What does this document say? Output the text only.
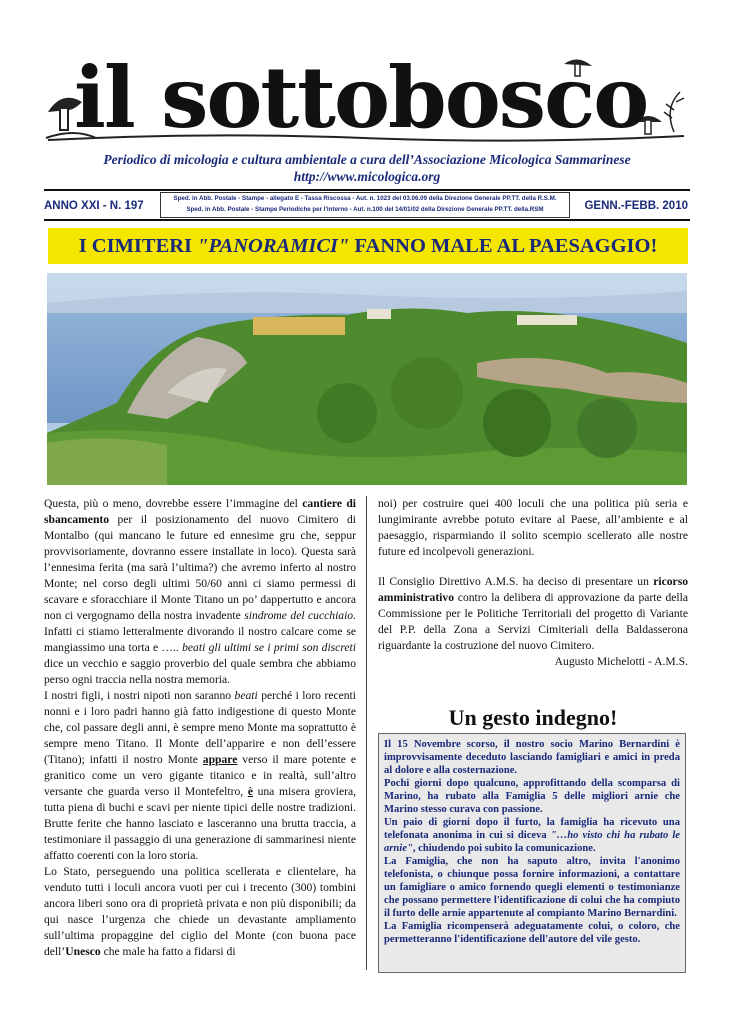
il sottobosco
Periodico di micologia e cultura ambientale a cura dell’Associazione Micologica Sammarinese
http://www.micologica.org
ANNO XXI - N. 197
Sped. in Abb. Postale - Stampe - allegato E - Tassa Riscossa - Aut. n. 1023 del 03.06.09 della Direzione Generale PP.TT. della R.S.M.
Sped. in Abb. Postale - Stampe Periodiche per l'interno - Aut. n.100 del 14/01/02 della Direzione Generale PP.TT. della.RSM	GENN.-FEBB. 2010
I CIMITERI "PANORAMICI" FANNO MALE AL PAESAGGIO!

Questa, più o meno, dovrebbe essere l’immagine del cantiere di sbancamento per il posizionamento del nuovo Cimitero di Montalbo (qui mancano le future ed ennesime gru che, seppur provvisoriamente, dovranno essere installate in loco). Questa sarà l’ennesima ferita (ma sarà l’ultima?) che avremo inferto al nostro Monte; nel corso degli ultimi 50/60 anni ci siamo permessi di scavare e sforacchiare il Monte Titano un po’ dappertutto e ancora non ci vergognamo della nostra invadente sindrome del cucchiaio. Infatti ci stiamo letteralmente divorando il nostro calcare come se mangiassimo una torta e ….. beati gli ultimi se i primi son discreti dice un vecchio e saggio proverbio del quale sembra che abbiamo perso ogni traccia nella nostra memoria.

I nostri figli, i nostri nipoti non saranno beati perché i loro recenti nonni e i loro padri hanno già fatto indigestione di questo Monte che, col passare degli anni, è sempre meno Monte ma soprattutto è sempre meno Titano. Il Monte dell’apparire e non dell’essere (Titano); infatti il nostro Monte appare verso il mare potente e granitico come un vero gigante titanico e in realtà, sull’altro versante che guarda verso il Montefeltro, è una misera groviera, tutta piena di buchi e scavi per niente tipici delle nostre tradizioni. Brutte ferite che hanno lasciato e lasceranno una brutta traccia, a testimoniare il passaggio di una generazione di sammarinesi niente affatto coerenti con la loro storia.

Lo Stato, perseguendo una politica scellerata e clientelare, ha venduto tutti i loculi ancora vuoti per cui i trecento (300) tombini ancora liberi sono ora di proprietà privata e non più disponibili; da qui nasce l’urgenza che chiede un devastante ampliamento sull’ultima propaggine del ciglio del Monte (con buona pace dell’Unesco che male ha fatto a fidarsi di

noi) per costruire quei 400 loculi che una politica più seria e lungimirante avrebbe potuto evitare al Paese, all’ambiente e al paesaggio, risparmiando il solito scempio scellerato alle nostre future ed incolpevoli generazioni.

Il Consiglio Direttivo A.M.S. ha deciso di presentare un ricorso amministrativo contro la delibera di approvazione da parte della Commissione per le Politiche Territoriali del progetto di Variante del P.P. della Zona a Servizi Cimiteriali della Baldasserona riguardante la costruzione del nuovo Cimitero.

Augusto Michelotti - A.M.S.

Un gesto indegno!

Il 15 Novembre scorso, il nostro socio Marino Bernardini è improvvisamente deceduto lasciando famigliari e amici in preda al dolore e alla costernazione.

Pochi giorni dopo qualcuno, approfittando della scomparsa di Marino, ha rubato alla Famiglia 5 delle migliori arnie che Marino stesso curava con passione.

Un paio di giorni dopo il furto, la famiglia ha ricevuto una telefonata anonima in cui si diceva "…ho visto chi ha rubato le arnie", chiudendo poi subito la comunicazione.

La Famiglia, che non ha saputo altro, invita l'anonimo telefonista, o chiunque possa fornire informazioni, a contattare un famigliare o amico fornendo quegli elementi o testimonianze che possano permettere l'identificazione di colui che ha compiuto il furto delle arnie appartenute al compianto Marino Bernardini.

La Famiglia ricompenserà adeguatamente colui, o coloro, che permetteranno l'identificazione dell'autore del vile gesto.
